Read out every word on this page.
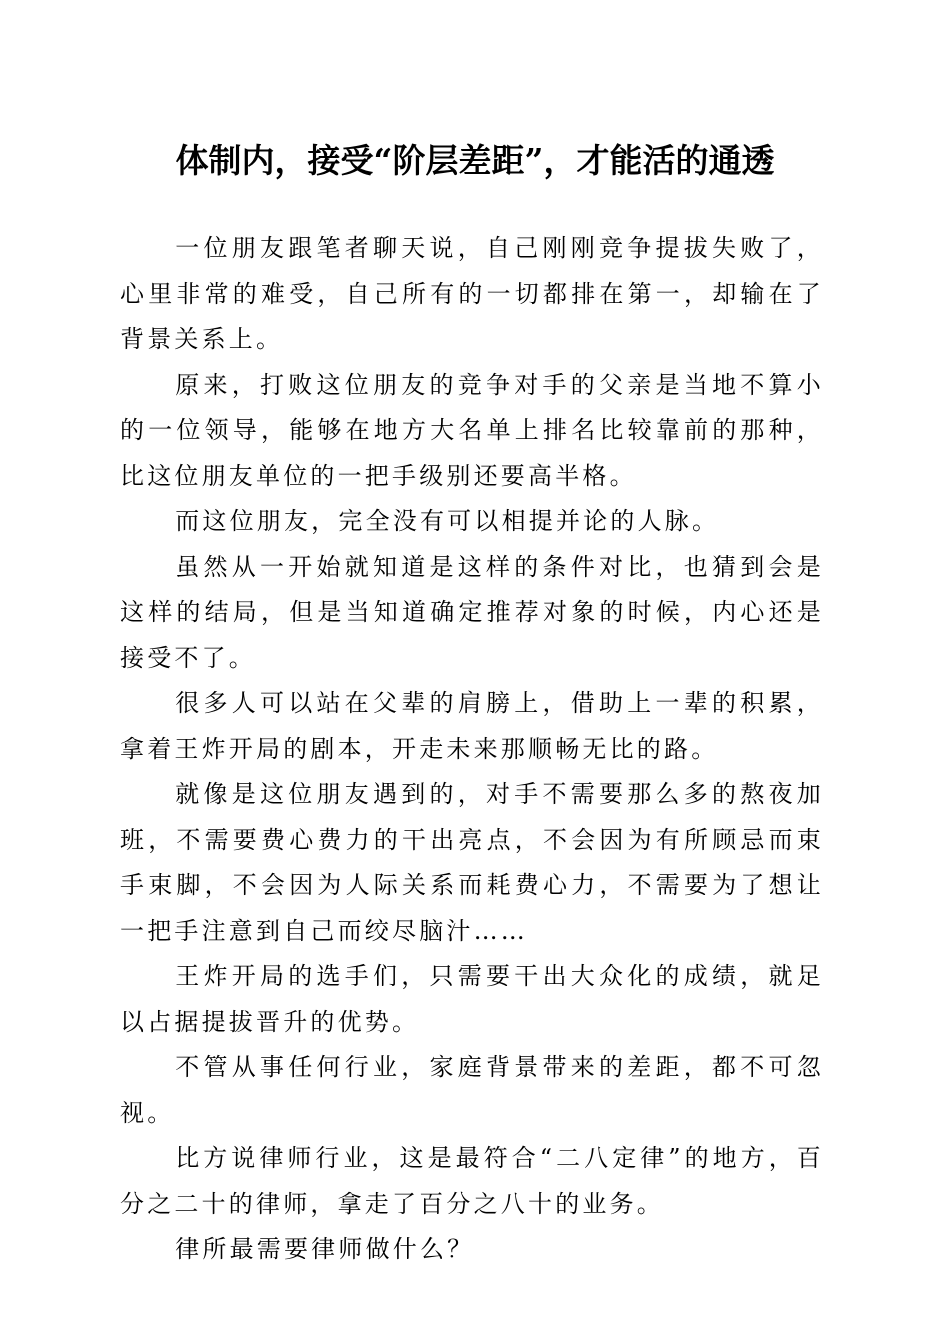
体制内，接受“阶层差距”，才能活的通透

一位朋友跟笔者聊天说，自己刚刚竞争提拔失败了，心里非常的难受，自己所有的一切都排在第一，却输在了背景关系上。

原来，打败这位朋友的竞争对手的父亲是当地不算小的一位领导，能够在地方大名单上排名比较靠前的那种，比这位朋友单位的一把手级别还要高半格。

而这位朋友，完全没有可以相提并论的人脉。

虽然从一开始就知道是这样的条件对比，也猜到会是这样的结局，但是当知道确定推荐对象的时候，内心还是接受不了。

很多人可以站在父辈的肩膀上，借助上一辈的积累，拿着王炸开局的剧本，开走未来那顺畅无比的路。

就像是这位朋友遇到的，对手不需要那么多的熬夜加班，不需要费心费力的干出亮点，不会因为有所顾忌而束手束脚，不会因为人际关系而耗费心力，不需要为了想让一把手注意到自己而绞尽脑汁……

王炸开局的选手们，只需要干出大众化的成绩，就足以占据提拔晋升的优势。

不管从事任何行业，家庭背景带来的差距，都不可忽视。

比方说律师行业，这是最符合“二八定律”的地方，百分之二十的律师，拿走了百分之八十的业务。

律所最需要律师做什么？
